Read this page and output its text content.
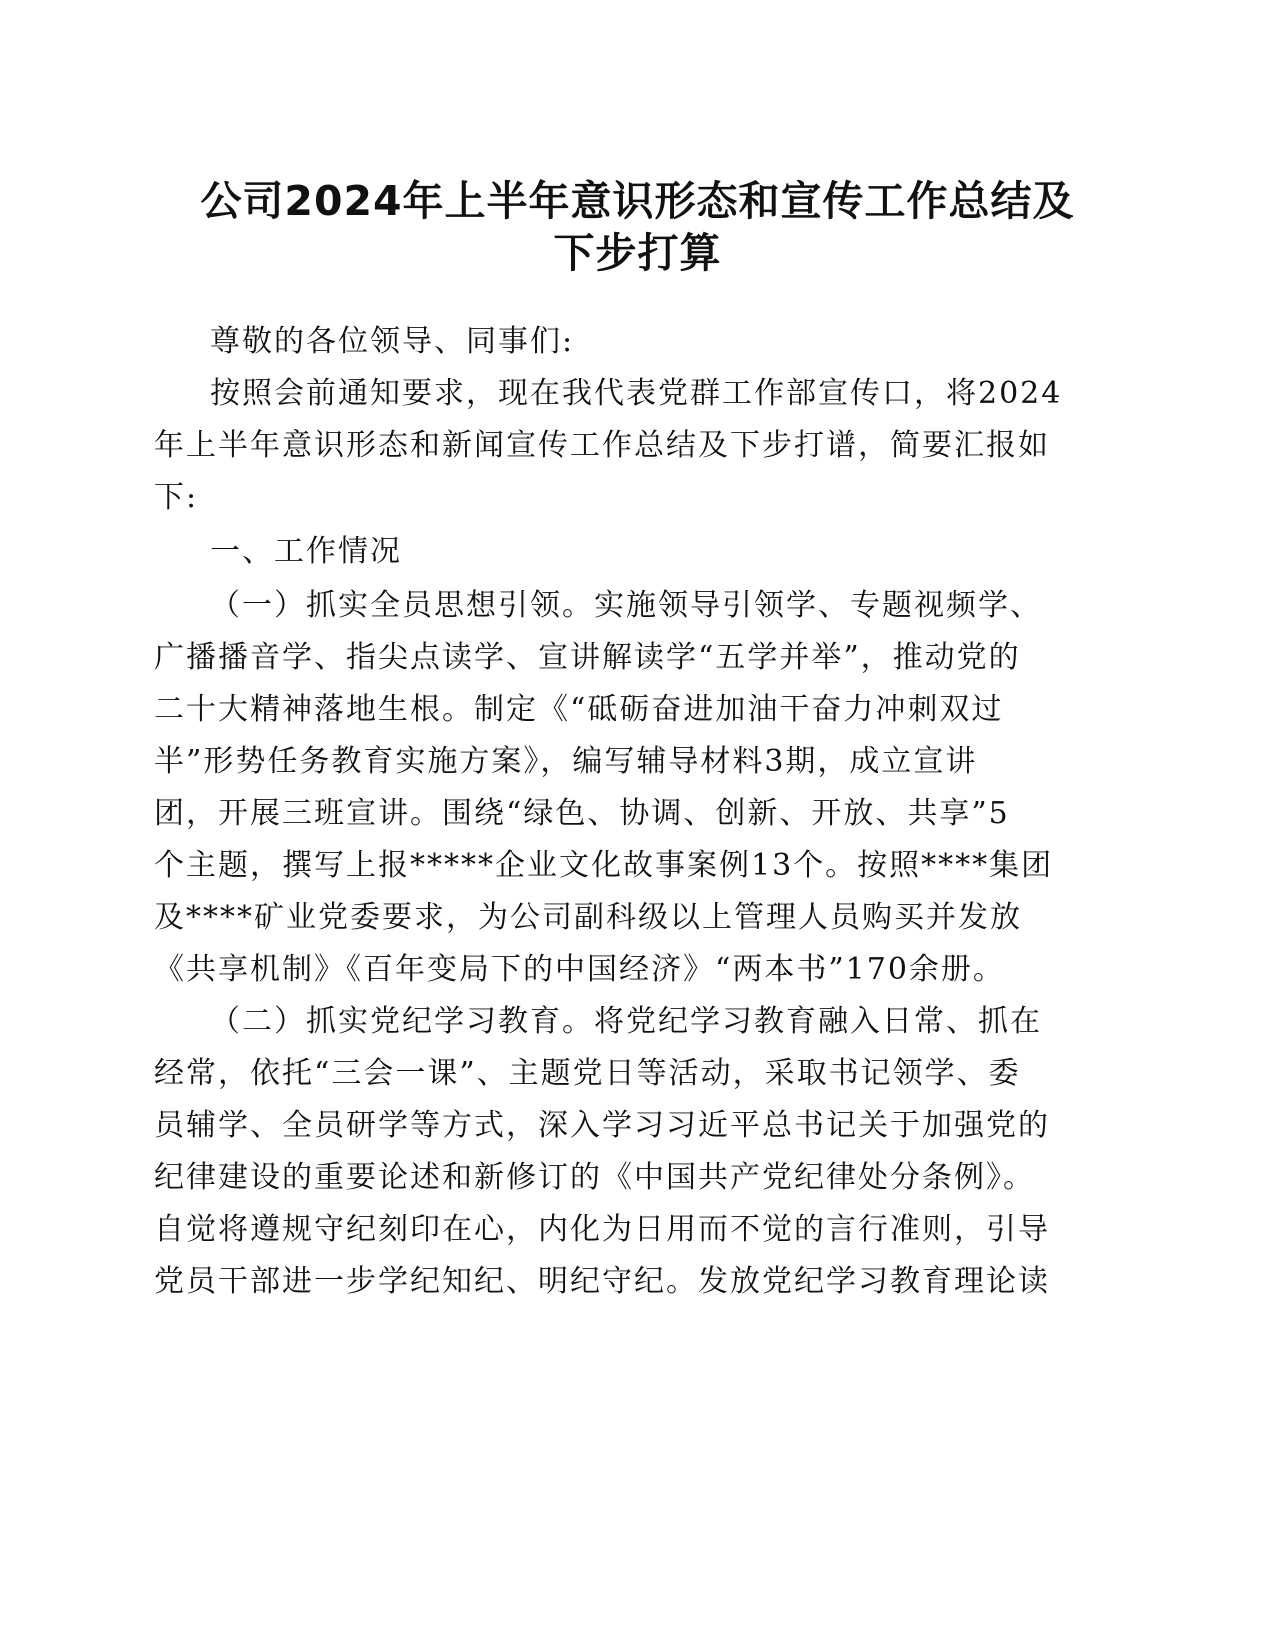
公司2024年上半年意识形态和宣传工作总结及
下步打算
尊敬的各位领导、同事们:
按照会前通知要求，现在我代表党群工作部宣传口，将2024
年上半年意识形态和新闻宣传工作总结及下步打谱，简要汇报如
下:
一、工作情况
（一）抓实全员思想引领。实施领导引领学、专题视频学、
广播播音学、指尖点读学、宣讲解读学“五学并举”，推动党的
二十大精神落地生根。制定《“砥砺奋进加油干奋力冲刺双过
半”形势任务教育实施方案》，编写辅导材料3期，成立宣讲
团，开展三班宣讲。围绕“绿色、协调、创新、开放、共享”5
个主题，撰写上报*****企业文化故事案例13个。按照****集团
及****矿业党委要求，为公司副科级以上管理人员购买并发放
《共享机制》《百年变局下的中国经济》“两本书”170余册。
（二）抓实党纪学习教育。将党纪学习教育融入日常、抓在
经常，依托“三会一课”、主题党日等活动，采取书记领学、委
员辅学、全员研学等方式，深入学习习近平总书记关于加强党的
纪律建设的重要论述和新修订的《中国共产党纪律处分条例》。
自觉将遵规守纪刻印在心，内化为日用而不觉的言行准则，引导
党员干部进一步学纪知纪、明纪守纪。发放党纪学习教育理论读
